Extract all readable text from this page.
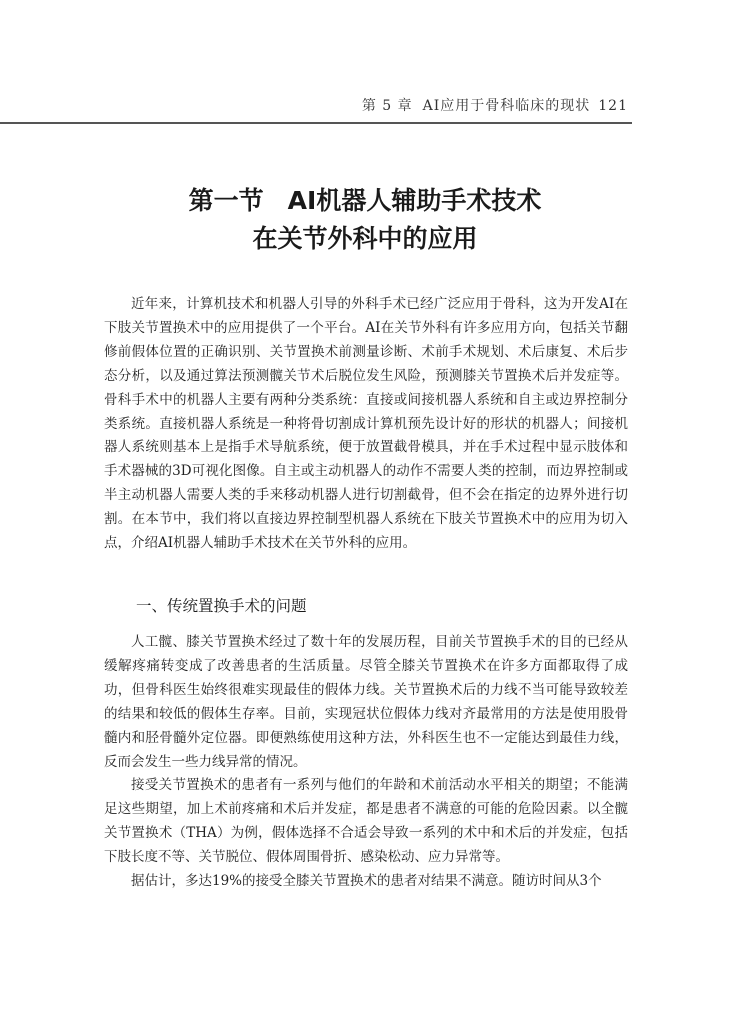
第 5 章 AI应用于骨科临床的现状 121
第一节 AI机器人辅助手术技术
在关节外科中的应用

近年来，计算机技术和机器人引导的外科手术已经广泛应用于骨科，这为开发AI在下肢关节置换术中的应用提供了一个平台。AI在关节外科有许多应用方向，包括关节翻修前假体位置的正确识别、关节置换术前测量诊断、术前手术规划、术后康复、术后步态分析，以及通过算法预测髋关节术后脱位发生风险，预测膝关节置换术后并发症等。骨科手术中的机器人主要有两种分类系统：直接或间接机器人系统和自主或边界控制分类系统。直接机器人系统是一种将骨切割成计算机预先设计好的形状的机器人；间接机器人系统则基本上是指手术导航系统，便于放置截骨模具，并在手术过程中显示肢体和手术器械的3D可视化图像。自主或主动机器人的动作不需要人类的控制，而边界控制或半主动机器人需要人类的手来移动机器人进行切割截骨，但不会在指定的边界外进行切割。在本节中，我们将以直接边界控制型机器人系统在下肢关节置换术中的应用为切入点，介绍AI机器人辅助手术技术在关节外科的应用。

一、传统置换手术的问题

人工髋、膝关节置换术经过了数十年的发展历程，目前关节置换手术的目的已经从缓解疼痛转变成了改善患者的生活质量。尽管全膝关节置换术在许多方面都取得了成功，但骨科医生始终很难实现最佳的假体力线。关节置换术后的力线不当可能导致较差的结果和较低的假体生存率。目前，实现冠状位假体力线对齐最常用的方法是使用股骨髓内和胫骨髓外定位器。即便熟练使用这种方法，外科医生也不一定能达到最佳力线，反而会发生一些力线异常的情况。

接受关节置换术的患者有一系列与他们的年龄和术前活动水平相关的期望；不能满足这些期望，加上术前疼痛和术后并发症，都是患者不满意的可能的危险因素。以全髋关节置换术（THA）为例，假体选择不合适会导致一系列的术中和术后的并发症，包括下肢长度不等、关节脱位、假体周围骨折、感染松动、应力异常等。

据估计，多达19%的接受全膝关节置换术的患者对结果不满意。随访时间从3个
